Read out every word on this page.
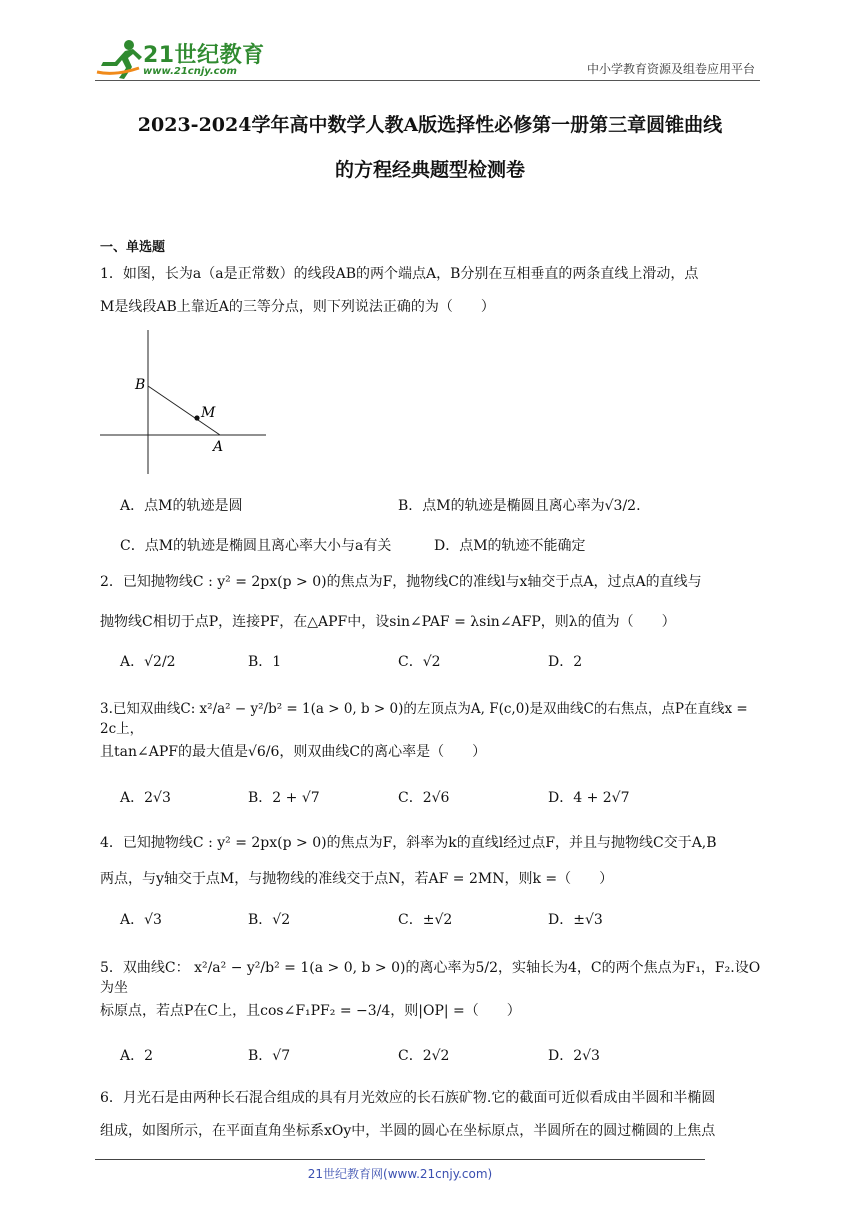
21世纪教育
www.21cnjy.com	中小学教育资源及组卷应用平台
2023-2024学年高中数学人教A版选择性必修第一册第三章圆锥曲线
的方程经典题型检测卷
一、单选题
1．如图，长为a（a是正常数）的线段AB的两个端点A，B分别在互相垂直的两条直线上滑动，点
M是线段AB上靠近A的三等分点，则下列说法正确的为（　　）
B
M
A
A．点M的轨迹是圆	B．点M的轨迹是椭圆且离心率为√3/2.
C．点M的轨迹是椭圆且离心率大小与a有关	D．点M的轨迹不能确定
2．已知抛物线C : y² = 2px(p > 0)的焦点为F，抛物线C的准线l与x轴交于点A，过点A的直线与
抛物线C相切于点P，连接PF，在△APF中，设sin∠PAF = λsin∠AFP，则λ的值为（　　）
A．√2/2	B．1	C．√2	D．2
3.已知双曲线C: x²/a² − y²/b² = 1(a > 0, b > 0)的左顶点为A, F(c,0)是双曲线C的右焦点，点P在直线x = 2c上，
且tan∠APF的最大值是√6/6，则双曲线C的离心率是（　　）
A．2√3	B．2 + √7	C．2√6	D．4 + 2√7
4．已知抛物线C : y² = 2px(p > 0)的焦点为F，斜率为k的直线l经过点F，并且与抛物线C交于A,B
两点，与y轴交于点M，与抛物线的准线交于点N，若AF = 2MN，则k =（　　）
A．√3	B．√2	C．±√2	D．±√3
5．双曲线C： x²/a² − y²/b² = 1(a > 0, b > 0)的离心率为5/2，实轴长为4，C的两个焦点为F₁，F₂.设O为坐
标原点，若点P在C上，且cos∠F₁PF₂ = −3/4，则|OP| =（　　）
A．2	B．√7	C．2√2	D．2√3
6．月光石是由两种长石混合组成的具有月光效应的长石族矿物.它的截面可近似看成由半圆和半椭圆
组成，如图所示，在平面直角坐标系xOy中，半圆的圆心在坐标原点，半圆所在的圆过椭圆的上焦点
21世纪教育网(www.21cnjy.com)
